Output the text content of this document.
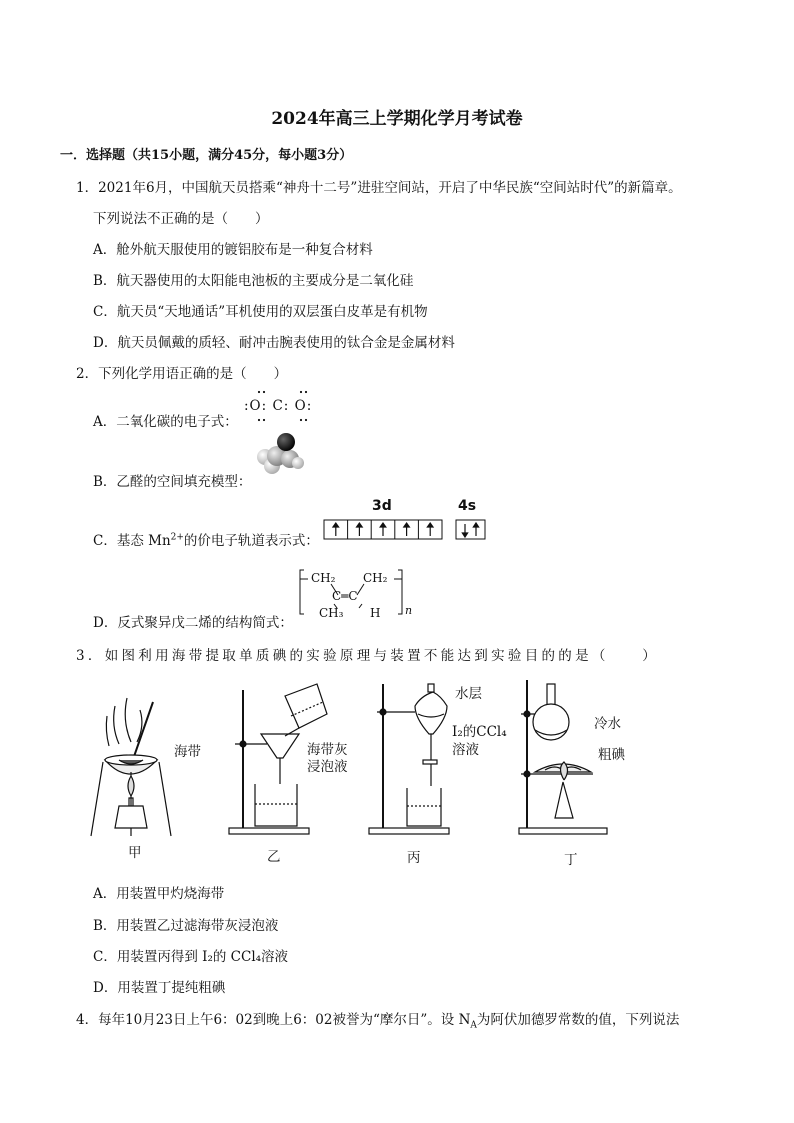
2024年高三上学期化学月考试卷
一．选择题（共15小题，满分45分，每小题3分）
1．2021年6月，中国航天员搭乘“神舟十二号”进驻空间站，开启了中华民族“空间站时代”的新篇章。
下列说法不正确的是（　　）
A．舱外航天服使用的镀铝胶布是一种复合材料
B．航天器使用的太阳能电池板的主要成分是二氧化硅
C．航天员“天地通话”耳机使用的双层蛋白皮革是有机物
D．航天员佩戴的质轻、耐冲击腕表使用的钛合金是金属材料
2．下列化学用语正确的是（　　）
A．二氧化碳的电子式：
:O: C: O:
B．乙醛的空间填充模型：
C．基态 $Mn^{2+}$的价电子轨道表示式：
3d	4s
D．反式聚异戊二烯的结构简式：
CH₂ CH₂
C═C
CH₃ H n
3．如图利用海带提取单质碘的实验原理与装置不能达到实验目的的是（　　）
海带	海带灰
浸泡液
水层
I₂的CCl₄
溶液
冷水
粗碘
甲	乙	丙	丁
A．用装置甲灼烧海带
B．用装置乙过滤海带灰浸泡液
C．用装置丙得到 I₂的 CCl₄溶液
D．用装置丁提纯粗碘
4．每年10月23日上午6：02到晚上6：02被誉为“摩尔日”。设 $N_A$为阿伏加德罗常数的值，下列说法
